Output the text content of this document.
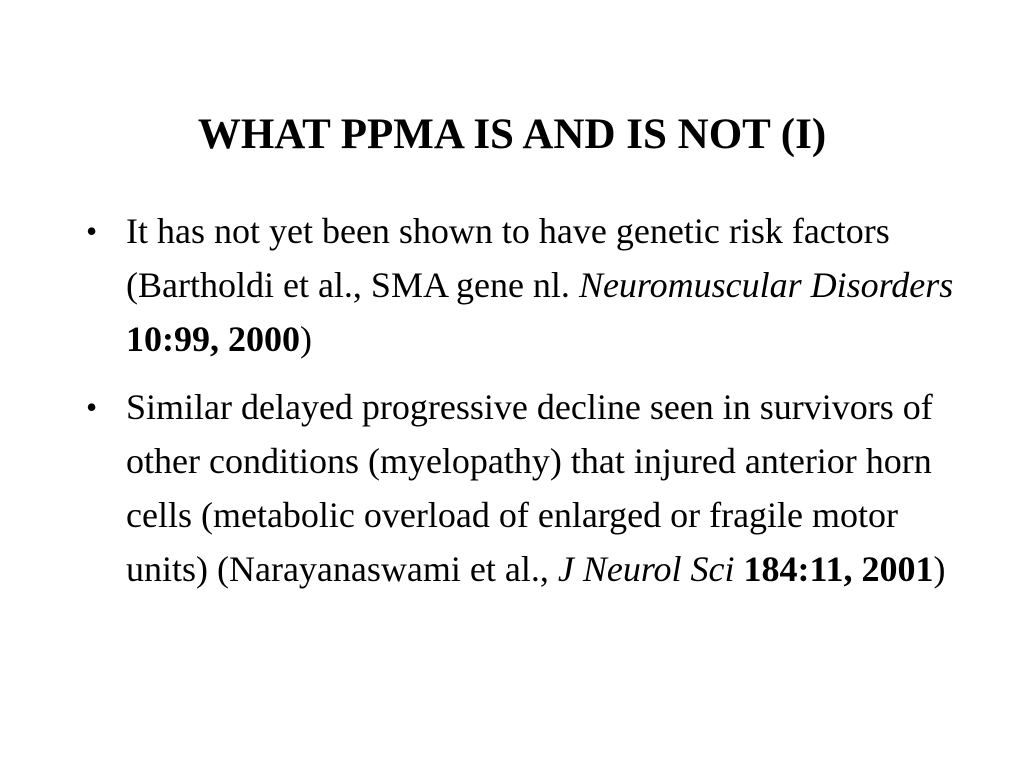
WHAT PPMA IS AND IS NOT (I)
• It has not yet been shown to have genetic risk factors (Bartholdi et al., SMA gene nl. Neuromuscular Disorders 10:99, 2000)
• Similar delayed progressive decline seen in survivors of other conditions (myelopathy) that injured anterior horn cells (metabolic overload of enlarged or fragile motor units) (Narayanaswami et al., J Neurol Sci 184:11, 2001)
